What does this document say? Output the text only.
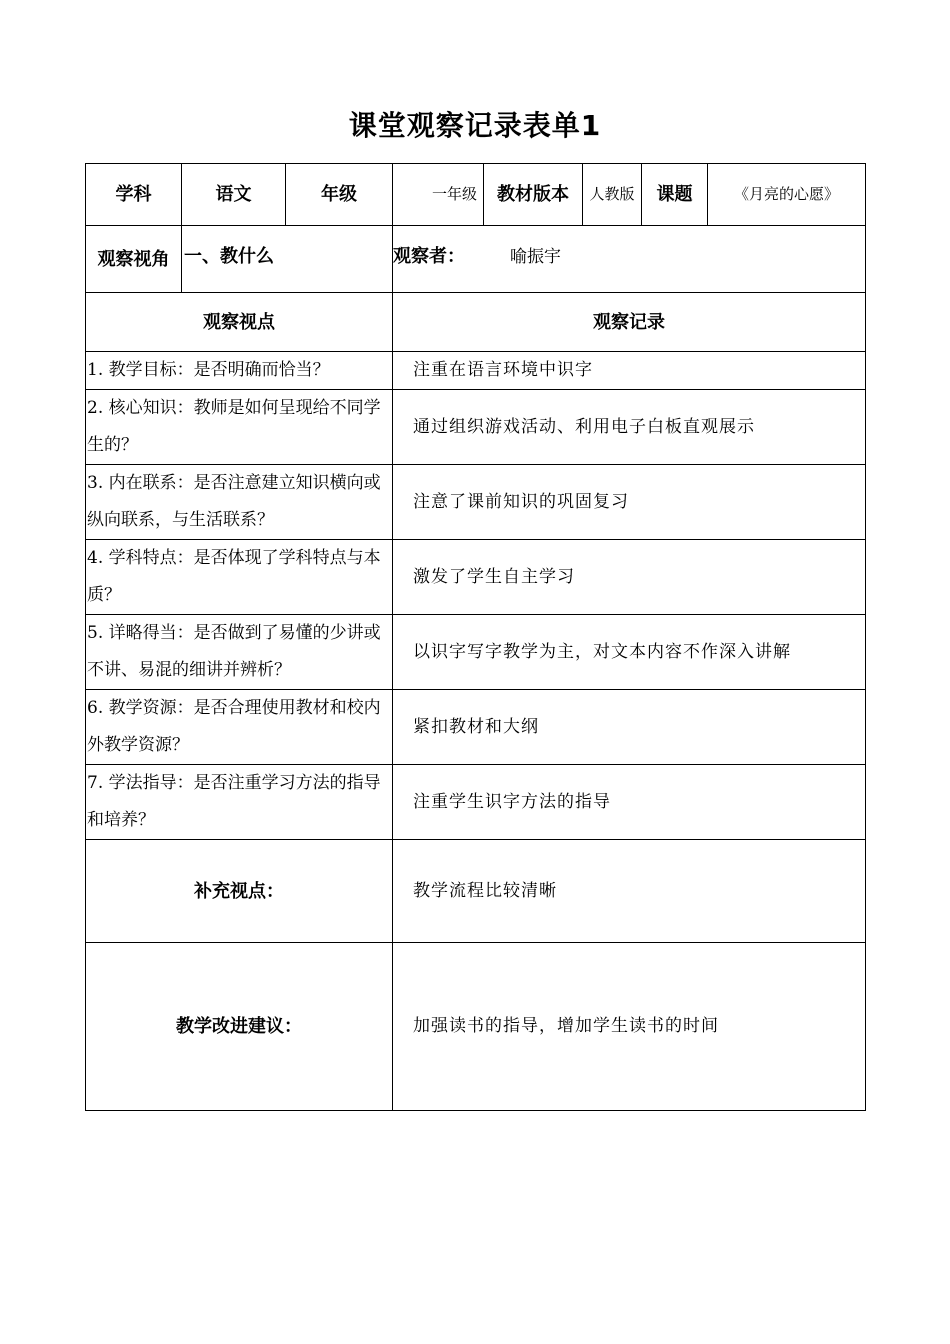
课堂观察记录表单1
学科	语文	年级	一年级	教材版本	人教版	课题	《月亮的心愿》
观察视角	一、教什么		观察者： 喻振宇				
观察视点			观察记录				
1. 教学目标：是否明确而恰当？			注重在语言环境中识字				
2. 核心知识：教师是如何呈现给不同学生的？			通过组织游戏活动、利用电子白板直观展示				
3. 内在联系：是否注意建立知识横向或纵向联系，与生活联系？			注意了课前知识的巩固复习				
4. 学科特点：是否体现了学科特点与本质？			激发了学生自主学习				
5. 详略得当：是否做到了易懂的少讲或不讲、易混的细讲并辨析？			以识字写字教学为主，对文本内容不作深入讲解				
6. 教学资源：是否合理使用教材和校内外教学资源？			紧扣教材和大纲				
7. 学法指导：是否注重学习方法的指导和培养？			注重学生识字方法的指导				
补充视点：			教学流程比较清晰				
教学改进建议：			加强读书的指导，增加学生读书的时间				
